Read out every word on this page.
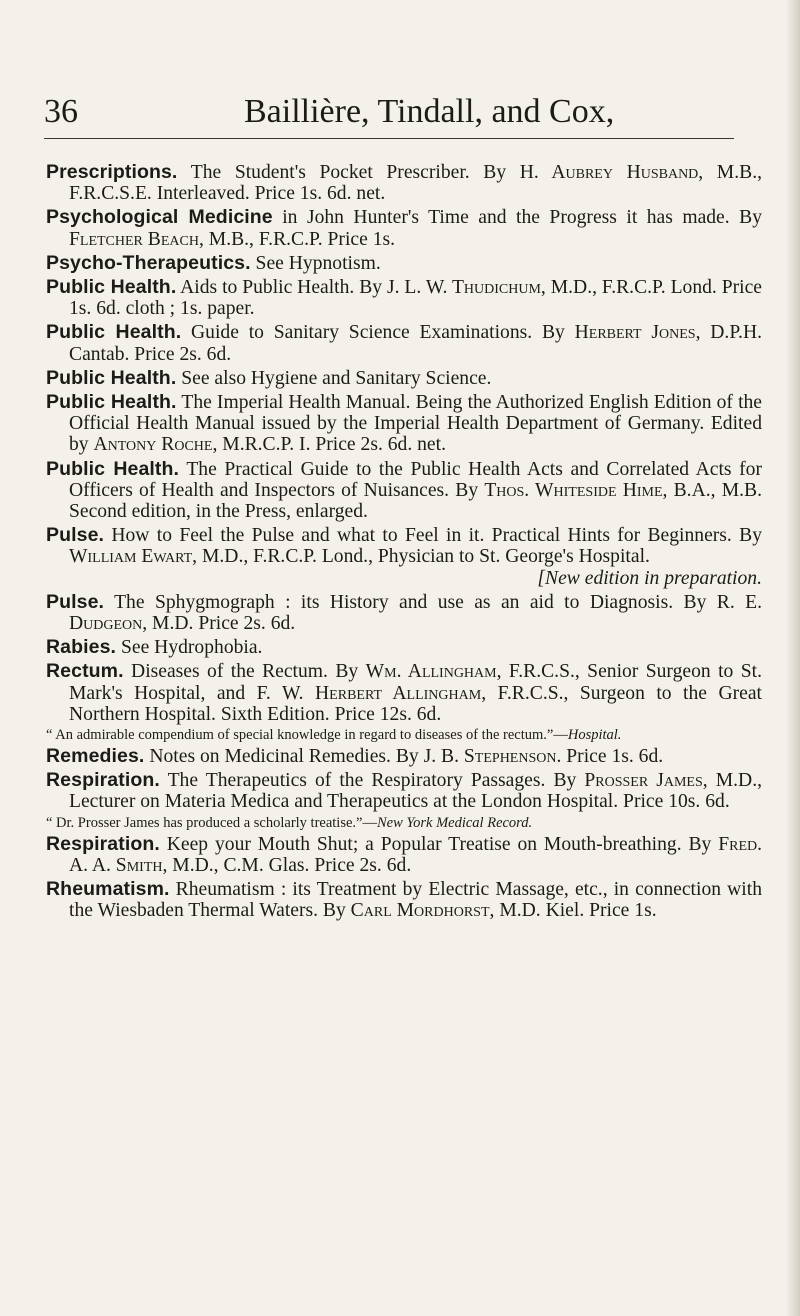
36	Baillière, Tindall, and Cox,

Prescriptions. The Student's Pocket Prescriber. By H. Aubrey Husband, M.B., F.R.C.S.E. Interleaved. Price 1s. 6d. net.

Psychological Medicine in John Hunter's Time and the Progress it has made. By Fletcher Beach, M.B., F.R.C.P. Price 1s.

Psycho-Therapeutics. See Hypnotism.

Public Health. Aids to Public Health. By J. L. W. Thudichum, M.D., F.R.C.P. Lond. Price 1s. 6d. cloth ; 1s. paper.

Public Health. Guide to Sanitary Science Examinations. By Herbert Jones, D.P.H. Cantab. Price 2s. 6d.

Public Health. See also Hygiene and Sanitary Science.

Public Health. The Imperial Health Manual. Being the Authorized English Edition of the Official Health Manual issued by the Imperial Health Department of Germany. Edited by Antony Roche, M.R.C.P. I. Price 2s. 6d. net.

Public Health. The Practical Guide to the Public Health Acts and Correlated Acts for Officers of Health and Inspectors of Nuisances. By Thos. Whiteside Hime, B.A., M.B. Second edition, in the Press, enlarged.

Pulse. How to Feel the Pulse and what to Feel in it. Practical Hints for Beginners. By William Ewart, M.D., F.R.C.P. Lond., Physician to St. George's Hospital.
[New edition in preparation.

Pulse. The Sphygmograph : its History and use as an aid to Diagnosis. By R. E. Dudgeon, M.D. Price 2s. 6d.

Rabies. See Hydrophobia.

Rectum. Diseases of the Rectum. By Wm. Allingham, F.R.C.S., Senior Surgeon to St. Mark's Hospital, and F. W. Herbert Allingham, F.R.C.S., Surgeon to the Great Northern Hospital. Sixth Edition. Price 12s. 6d.
“ An admirable compendium of special knowledge in regard to diseases of the rectum.”—Hospital.

Remedies. Notes on Medicinal Remedies. By J. B. Stephenson. Price 1s. 6d.

Respiration. The Therapeutics of the Respiratory Passages. By Prosser James, M.D., Lecturer on Materia Medica and Therapeutics at the London Hospital. Price 10s. 6d.
“ Dr. Prosser James has produced a scholarly treatise.”—New York Medical Record.

Respiration. Keep your Mouth Shut; a Popular Treatise on Mouth-breathing. By Fred. A. A. Smith, M.D., C.M. Glas. Price 2s. 6d.

Rheumatism. Rheumatism : its Treatment by Electric Massage, etc., in connection with the Wiesbaden Thermal Waters. By Carl Mordhorst, M.D. Kiel. Price 1s.
